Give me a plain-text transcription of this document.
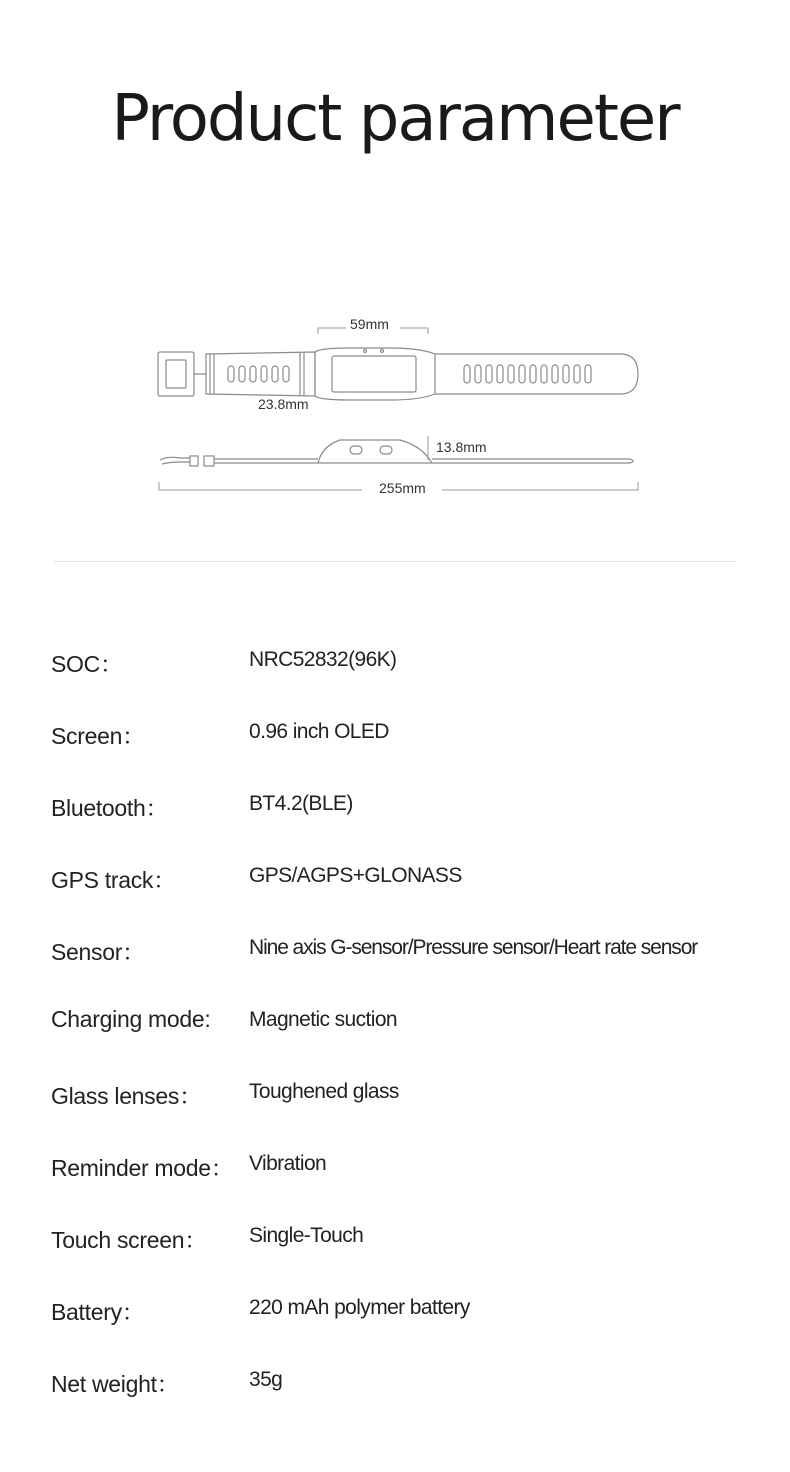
Product parameter
59mm
23.8mm
13.8mm
255mm
SOC：	NRC52832(96K)
Screen：	0.96 inch OLED
Bluetooth：	BT4.2(BLE)
GPS track：	GPS/AGPS+GLONASS
Sensor：	Nine axis G-sensor/Pressure sensor/Heart rate sensor
Charging mode: Magnetic suction
Glass lenses： Toughened glass
Reminder mode： Vibration
Touch screen： Single-Touch
Battery：	220 mAh polymer battery
Net weight：	35g
